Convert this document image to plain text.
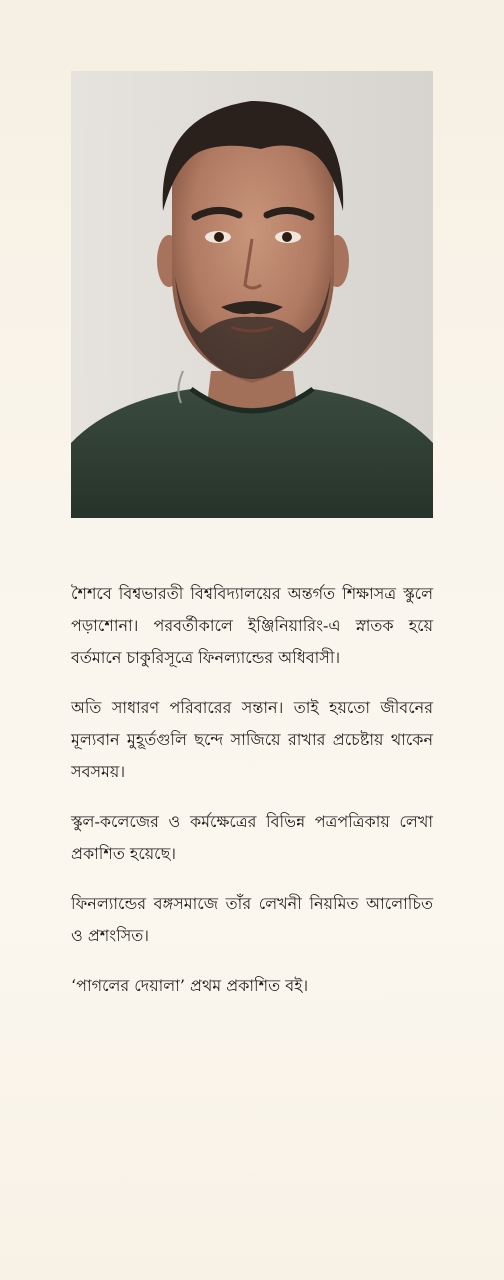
শৈশবে বিশ্বভারতী বিশ্ববিদ্যালয়ের অন্তর্গত শিক্ষাসত্র স্কুলে পড়াশোনা। পরবর্তীকালে ইঞ্জিনিয়ারিং-এ স্নাতক হয়ে বর্তমানে চাকুরিসূত্রে ফিনল্যান্ডের অধিবাসী।

অতি সাধারণ পরিবারের সন্তান। তাই হয়তো জীবনের মূল্যবান মুহূর্তগুলি ছন্দে সাজিয়ে রাখার প্রচেষ্টায় থাকেন সবসময়।

স্কুল-কলেজের ও কর্মক্ষেত্রের বিভিন্ন পত্রপত্রিকায় লেখা প্রকাশিত হয়েছে।

ফিনল্যান্ডের বঙ্গসমাজে তাঁর লেখনী নিয়মিত আলোচিত ও প্রশংসিত।

‘পাগলের দেয়ালা’ প্রথম প্রকাশিত বই।
